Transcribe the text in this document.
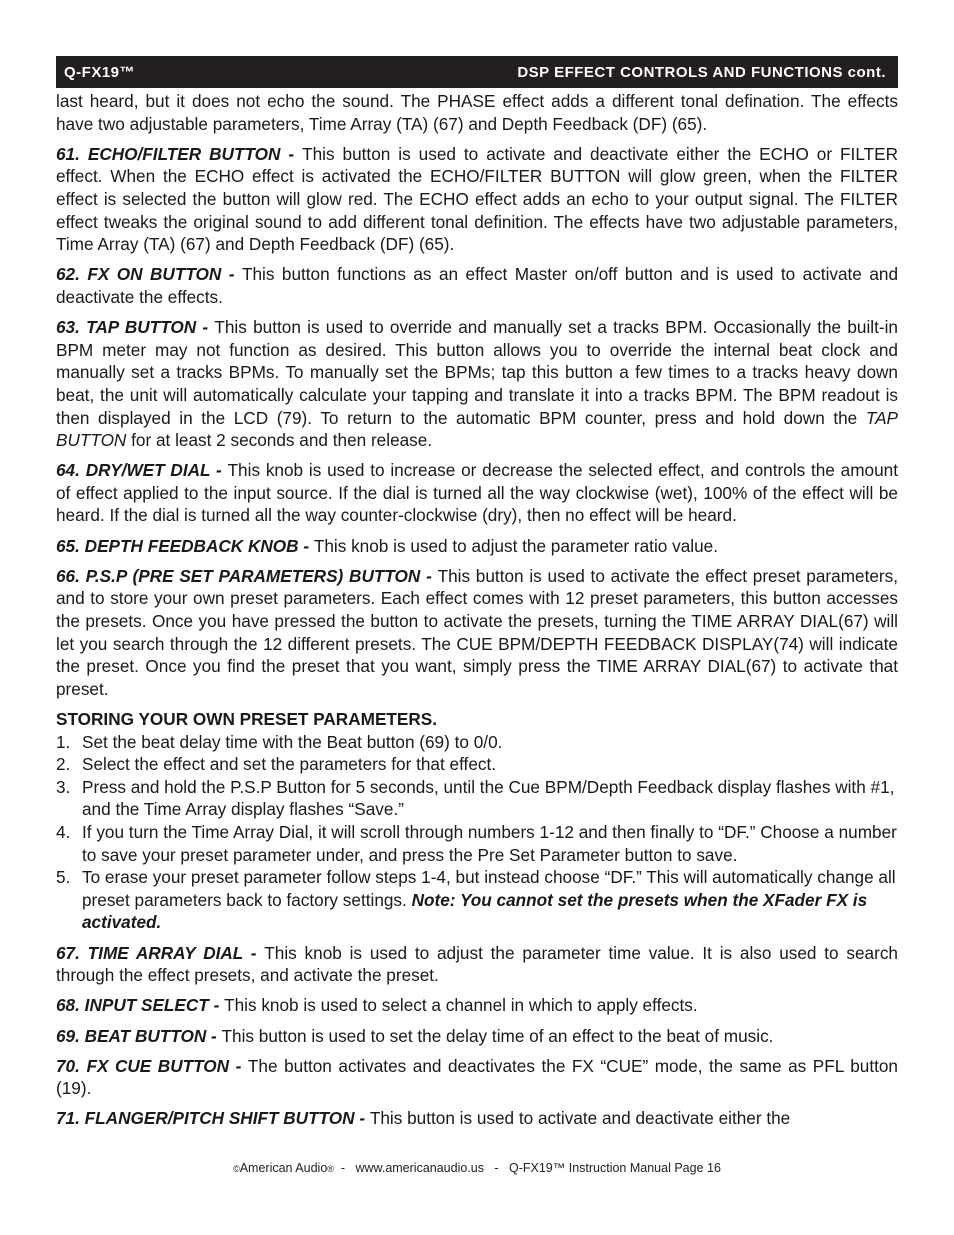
Q-FX19™	DSP EFFECT CONTROLS AND FUNCTIONS cont.

last heard, but it does not echo the sound. The PHASE effect adds a different tonal defination. The effects have two adjustable parameters, Time Array (TA) (67) and Depth Feedback (DF) (65).

61. ECHO/FILTER BUTTON - This button is used to activate and deactivate either the ECHO or FILTER effect. When the ECHO effect is activated the ECHO/FILTER BUTTON will glow green, when the FILTER effect is selected the button will glow red. The ECHO effect adds an echo to your output signal. The FILTER effect tweaks the original sound to add different tonal definition. The effects have two adjustable parameters, Time Array (TA) (67) and Depth Feedback (DF) (65).

62. FX ON BUTTON - This button functions as an effect Master on/off button and is used to activate and deactivate the effects.

63. TAP BUTTON - This button is used to override and manually set a tracks BPM. Occasionally the built-in BPM meter may not function as desired. This button allows you to override the internal beat clock and manually set a tracks BPMs. To manually set the BPMs; tap this button a few times to a tracks heavy down beat, the unit will automatically calculate your tapping and translate it into a tracks BPM. The BPM readout is then displayed in the LCD (79). To return to the automatic BPM counter, press and hold down the TAP BUTTON for at least 2 seconds and then release.

64. DRY/WET DIAL - This knob is used to increase or decrease the selected effect, and controls the amount of effect applied to the input source. If the dial is turned all the way clockwise (wet), 100% of the effect will be heard. If the dial is turned all the way counter-clockwise (dry), then no effect will be heard.

65. DEPTH FEEDBACK KNOB - This knob is used to adjust the parameter ratio value.

66. P.S.P (PRE SET PARAMETERS) BUTTON - This button is used to activate the effect preset parameters, and to store your own preset parameters. Each effect comes with 12 preset parameters, this button accesses the presets. Once you have pressed the button to activate the presets, turning the TIME ARRAY DIAL(67) will let you search through the 12 different presets. The CUE BPM/DEPTH FEEDBACK DISPLAY(74) will indicate the preset. Once you find the preset that you want, simply press the TIME ARRAY DIAL(67) to activate that preset.

STORING YOUR OWN PRESET PARAMETERS.

1. Set the beat delay time with the Beat button (69) to 0/0.
2. Select the effect and set the parameters for that effect.
3. Press and hold the P.S.P Button for 5 seconds, until the Cue BPM/Depth Feedback display flashes with #1, and the Time Array display flashes “Save.”
4. If you turn the Time Array Dial, it will scroll through numbers 1-12 and then finally to “DF.” Choose a number to save your preset parameter under, and press the Pre Set Parameter button to save.
5. To erase your preset parameter follow steps 1-4, but instead choose “DF.” This will automatically change all preset parameters back to factory settings. Note: You cannot set the presets when the XFader FX is activated.

67. TIME ARRAY DIAL - This knob is used to adjust the parameter time value. It is also used to search through the effect presets, and activate the preset.

68. INPUT SELECT - This knob is used to select a channel in which to apply effects.

69. BEAT BUTTON - This button is used to set the delay time of an effect to the beat of music.

70. FX CUE BUTTON - The button activates and deactivates the FX “CUE” mode, the same as PFL button (19).

71. FLANGER/PITCH SHIFT BUTTON - This button is used to activate and deactivate either the

©American Audio®  -   www.americanaudio.us   -   Q-FX19™ Instruction Manual Page 16
